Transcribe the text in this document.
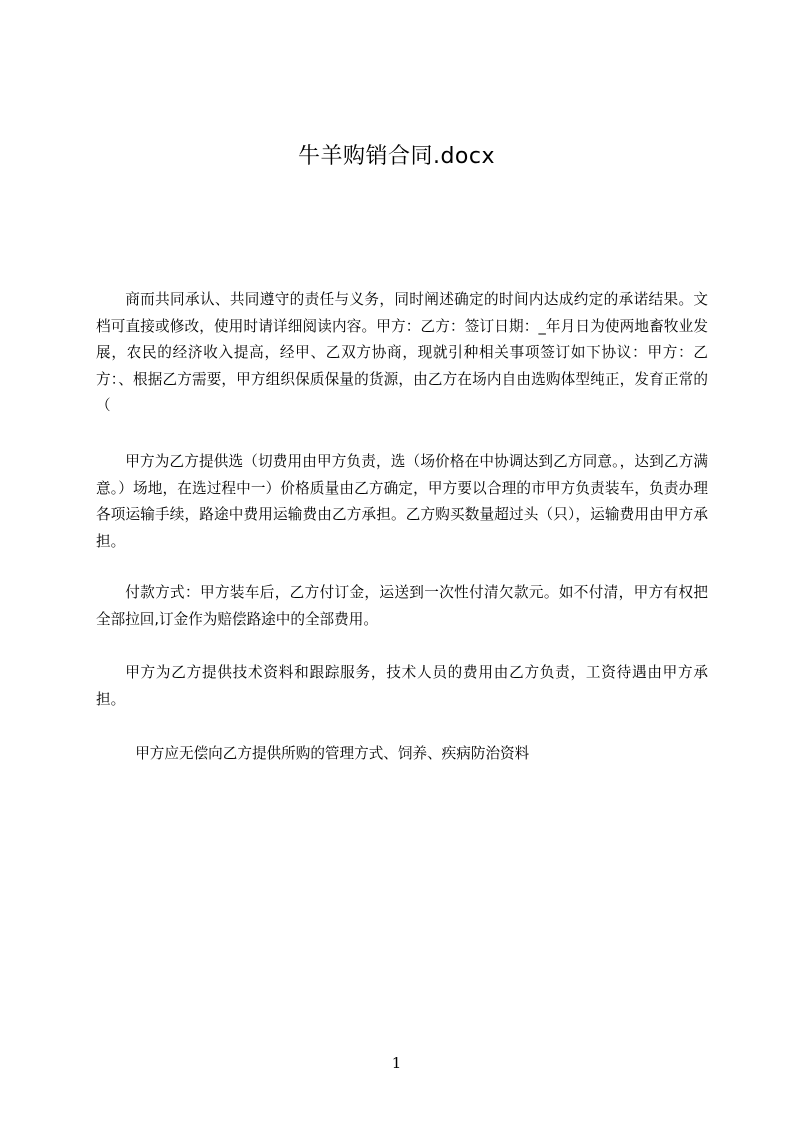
牛羊购销合同.docx

商而共同承认、共同遵守的责任与义务，同时阐述确定的时间内达成约定的承诺结果。文档可直接或修改，使用时请详细阅读内容。甲方：乙方：签订日期：_年月日为使两地畜牧业发展，农民的经济收入提高，经甲、乙双方协商，现就引种相关事项签订如下协议：甲方：乙方：、根据乙方需要，甲方组织保质保量的货源，由乙方在场内自由选购体型纯正，发育正常的（

甲方为乙方提供选（切费用由甲方负责，选（场价格在中协调达到乙方同意。，达到乙方满意。）场地，在选过程中一）价格质量由乙方确定，甲方要以合理的市甲方负责装车，负责办理各项运输手续，路途中费用运输费由乙方承担。乙方购买数量超过头（只），运输费用由甲方承担。

付款方式：甲方装车后，乙方付订金，运送到一次性付清欠款元。如不付清，甲方有权把全部拉回,订金作为赔偿路途中的全部费用。

甲方为乙方提供技术资料和跟踪服务，技术人员的费用由乙方负责，工资待遇由甲方承担。

甲方应无偿向乙方提供所购的管理方式、饲养、疾病防治资料

1
